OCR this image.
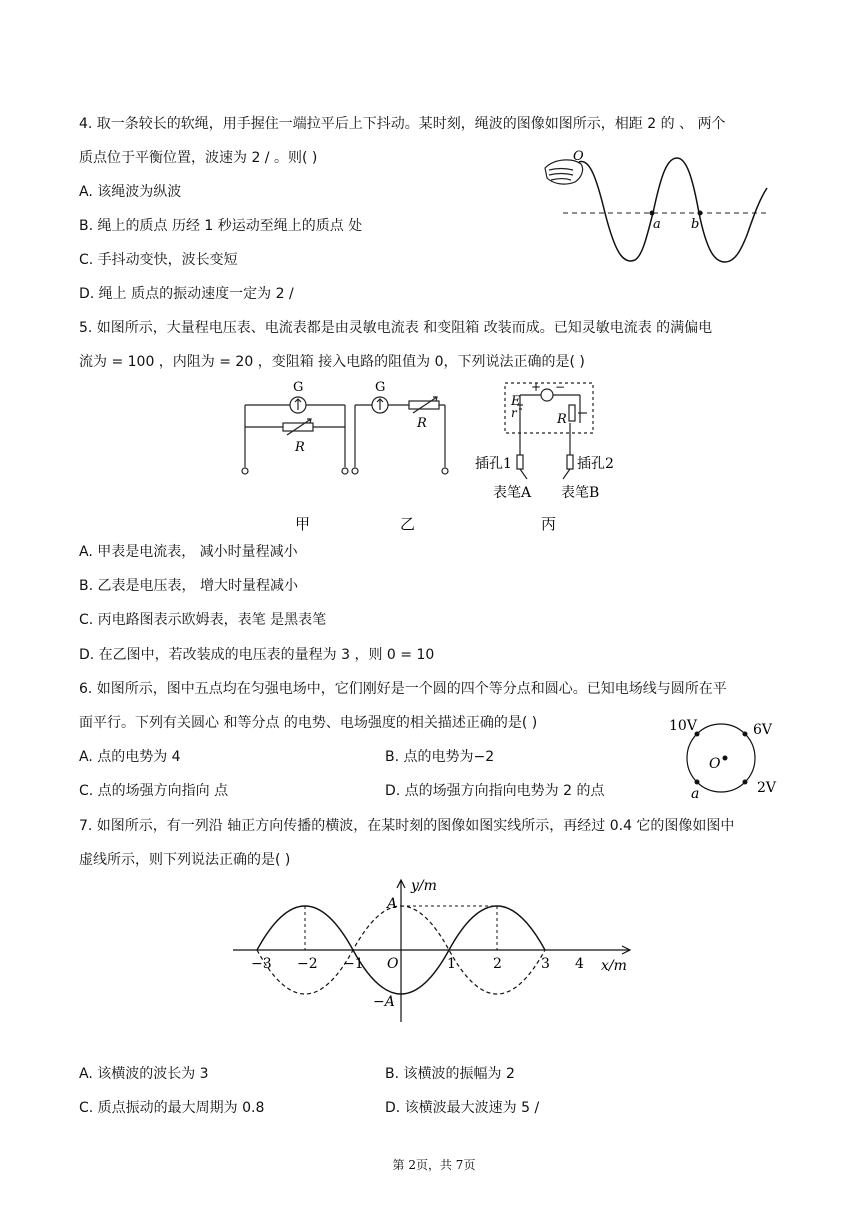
4. 取一条较长的软绳，用手握住一端拉平后上下抖动。某时刻，绳波的图像如图所示，相距 2 的 、 两个
质点位于平衡位置，波速为 2 / 。则( )
A. 该绳波为纵波
B. 绳上的质点 历经 1 秒运动至绳上的质点 处
C. 手抖动变快，波长变短
D. 绳上 质点的振动速度一定为 2 /
O
a b
5. 如图所示，大量程电压表、电流表都是由灵敏电流表 和变阻箱 改装而成。已知灵敏电流表 的满偏电
流为 = 100 ，内阻为 = 20 ，变阻箱 接入电路的阻值为 0，下列说法正确的是( )
G
R
G
R
E
r
+ −
R
插孔1	插孔2
表笔A 表笔B
甲	乙	丙
A. 甲表是电流表， 减小时量程减小
B. 乙表是电压表， 增大时量程减小
C. 丙电路图表示欧姆表，表笔 是黑表笔
D. 在乙图中，若改装成的电压表的量程为 3 ，则 0 = 10
6. 如图所示，图中五点均在匀强电场中，它们刚好是一个圆的四个等分点和圆心。已知电场线与圆所在平
面平行。下列有关圆心 和等分点 的电势、电场强度的相关描述正确的是( )
A. 点的电势为 4	B. 点的电势为−2
C. 点的场强方向指向 点	D. 点的场强方向指向电势为 2 的点
10V	6V
2V
O
a
7. 如图所示，有一列沿 轴正方向传播的横波，在某时刻的图像如图实线所示，再经过 0.4 它的图像如图中
虚线所示，则下列说法正确的是( )
y/m
x/m
A
−A
O
−3 −2 −1	1	2	3 4
A. 该横波的波长为 3	B. 该横波的振幅为 2
C. 质点振动的最大周期为 0.8	D. 该横波最大波速为 5 /
第 2页，共 7页
